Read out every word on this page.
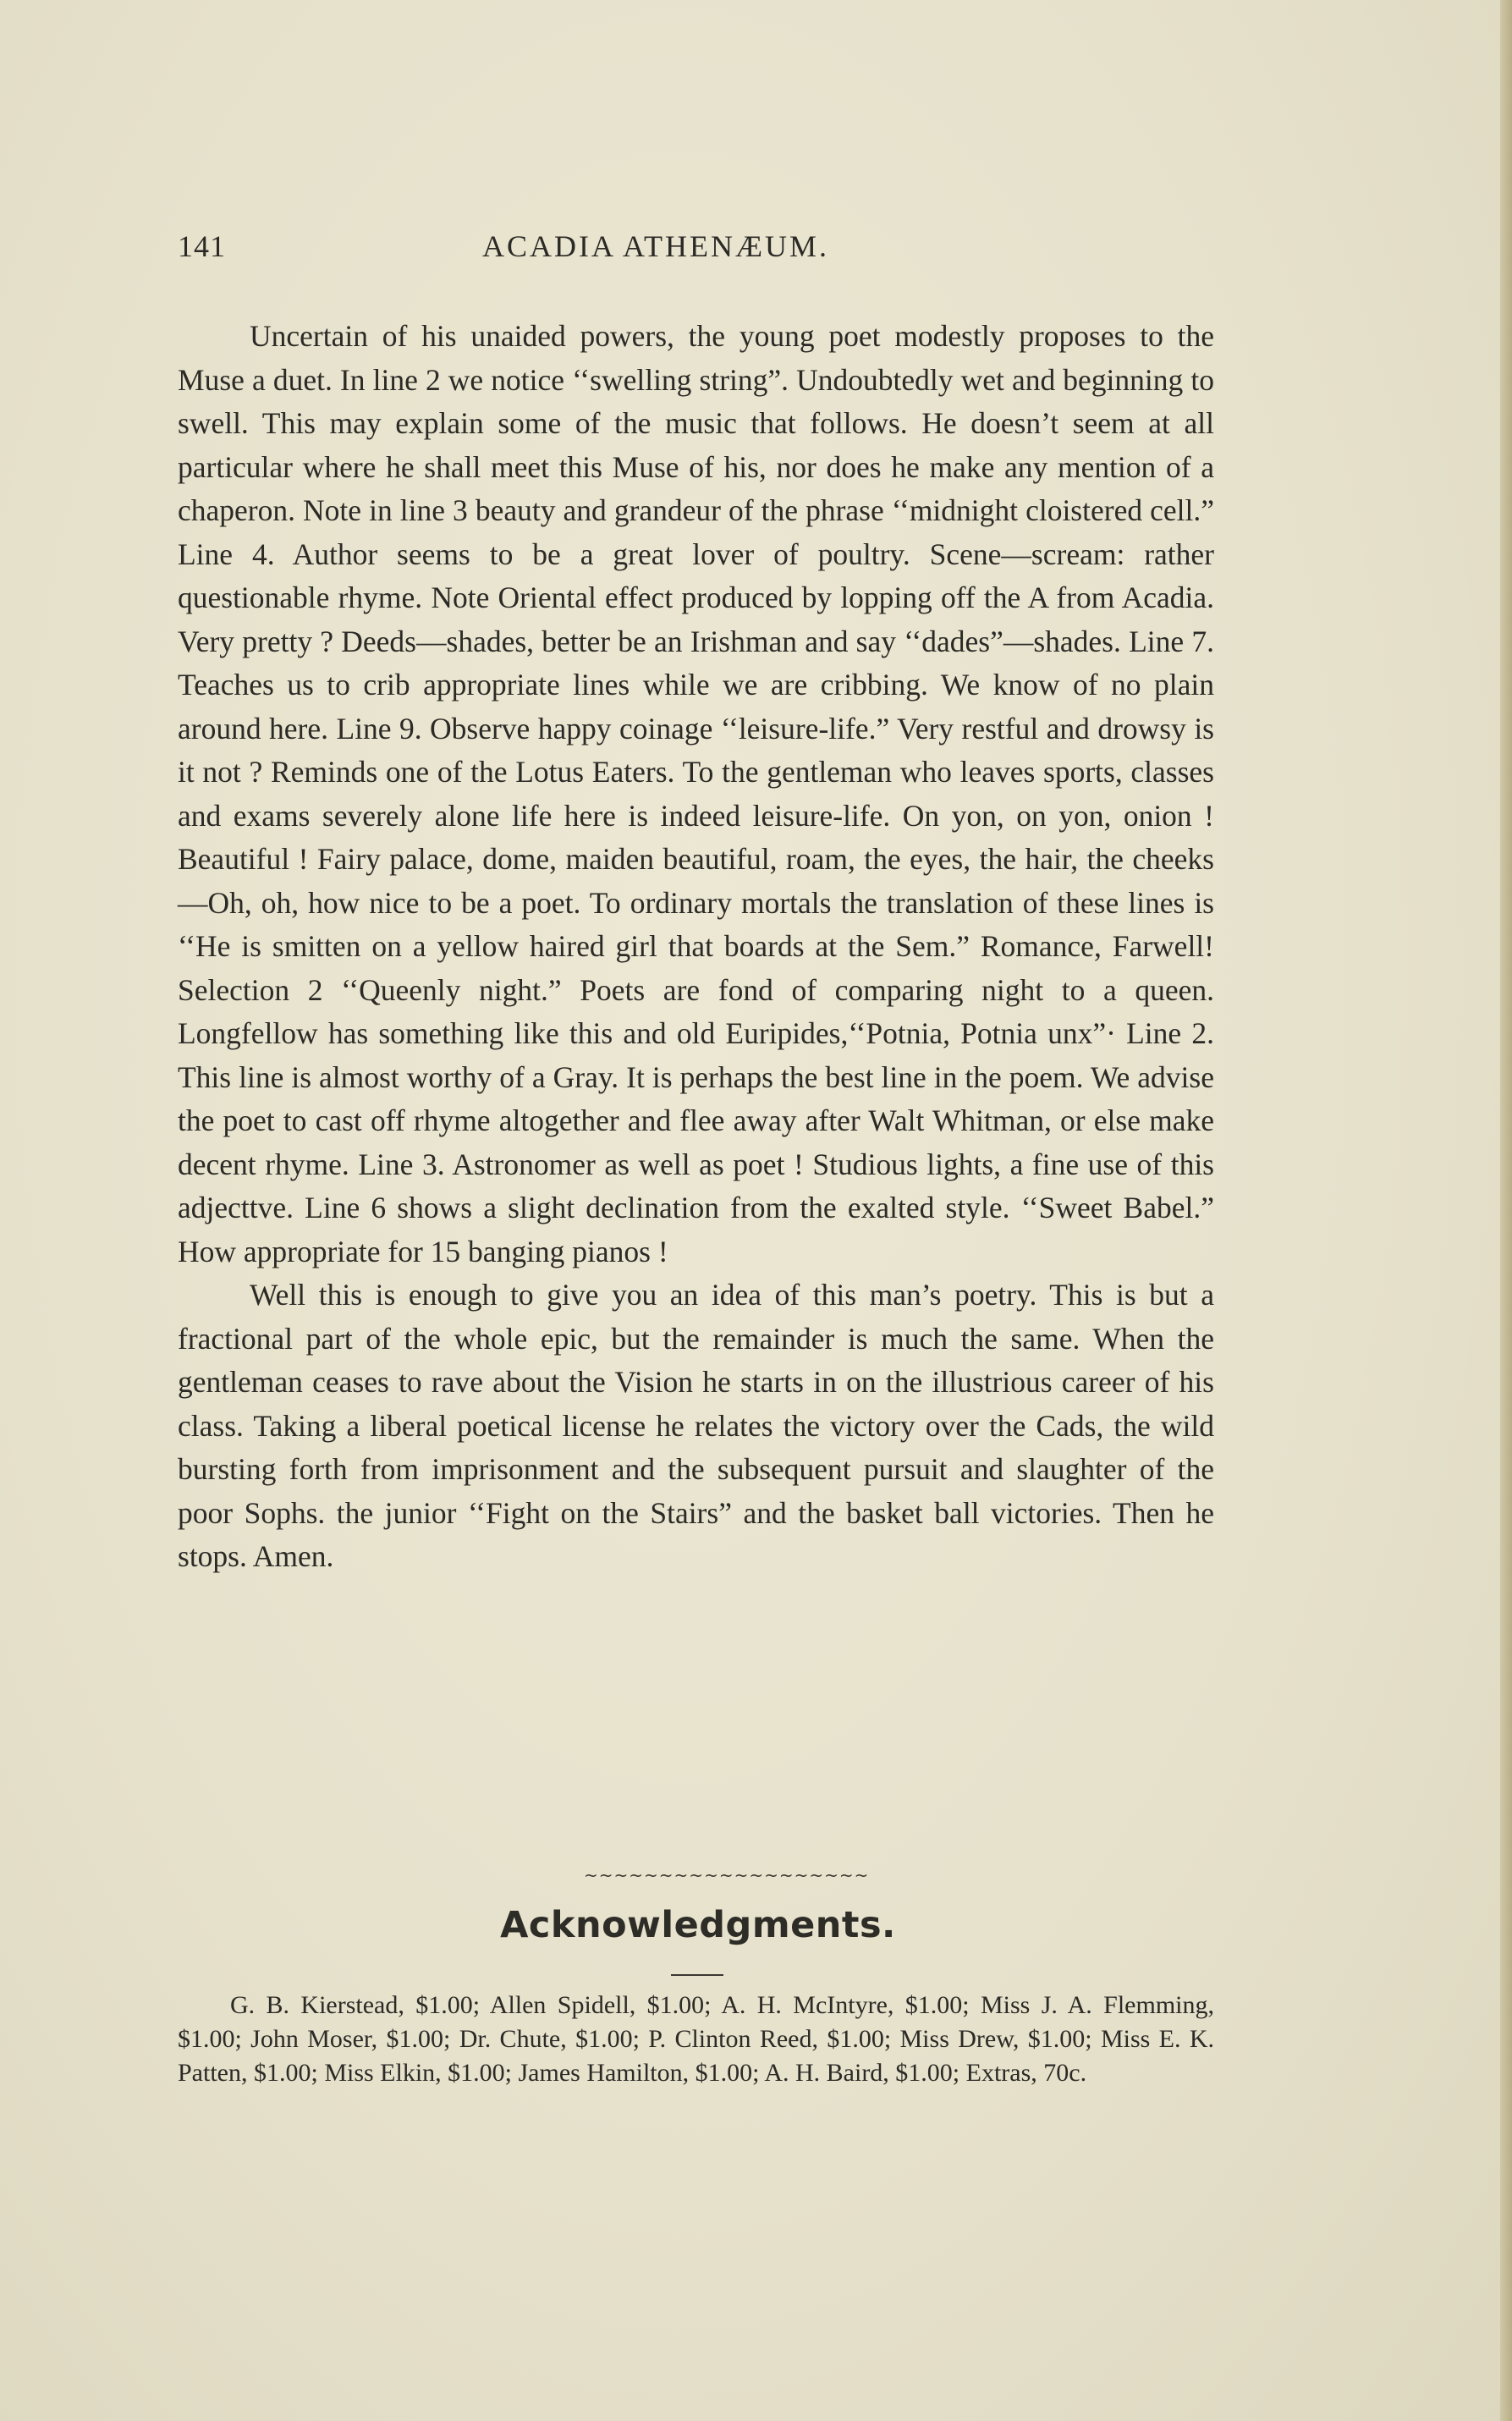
141	ACADIA ATHENÆUM.

Uncertain of his unaided powers, the young poet modestly proposes to the Muse a duet. In line 2 we notice ‘‘swelling string”. Undoubtedly wet and beginning to swell. This may explain some of the music that follows. He doesn’t seem at all particular where he shall meet this Muse of his, nor does he make any mention of a chaperon. Note in line 3 beauty and grandeur of the phrase ‘‘midnight cloistered cell.” Line 4. Author seems to be a great lover of poultry. Scene—scream: rather questionable rhyme. Note Oriental effect produced by lopping off the A from Acadia. Very pretty ? Deeds—shades, better be an Irishman and say ‘‘dades”—shades. Line 7. Teaches us to crib appropriate lines while we are cribbing. We know of no plain around here. Line 9. Observe happy coinage ‘‘leisure-life.” Very restful and drowsy is it not ? Reminds one of the Lotus Eaters. To the gentleman who leaves sports, classes and exams severely alone life here is indeed leisure-life. On yon, on yon, onion ! Beautiful ! Fairy palace, dome, maiden beautiful, roam, the eyes, the hair, the cheeks—Oh, oh, how nice to be a poet. To ordinary mortals the translation of these lines is ‘‘He is smitten on a yellow haired girl that boards at the Sem.” Romance, Farwell! Selection 2 ‘‘Queenly night.” Poets are fond of comparing night to a queen. Longfellow has something like this and old Euripides,‘‘Potnia, Potnia unx”· Line 2. This line is almost worthy of a Gray. It is perhaps the best line in the poem. We advise the poet to cast off rhyme altogether and flee away after Walt Whitman, or else make decent rhyme. Line 3. Astronomer as well as poet ! Studious lights, a fine use of this adjecttve. Line 6 shows a slight declination from the exalted style. ‘‘Sweet Babel.” How appropriate for 15 banging pianos !

Well this is enough to give you an idea of this man’s poetry. This is but a fractional part of the whole epic, but the remainder is much the same. When the gentleman ceases to rave about the Vision he starts in on the illustrious career of his class. Taking a liberal poetical license he relates the victory over the Cads, the wild bursting forth from imprisonment and the subsequent pursuit and slaughter of the poor Sophs. the junior ‘‘Fight on the Stairs” and the basket ball victories. Then he stops. Amen.

~~~~~~~~~~~~~~~~~~~
Acknowledgments.

G. B. Kierstead, $1.00; Allen Spidell, $1.00; A. H. McIntyre, $1.00; Miss J. A. Flemming, $1.00; John Moser, $1.00; Dr. Chute, $1.00; P. Clinton Reed, $1.00; Miss Drew, $1.00; Miss E. K. Patten, $1.00; Miss Elkin, $1.00; James Hamilton, $1.00; A. H. Baird, $1.00; Extras, 70c.
